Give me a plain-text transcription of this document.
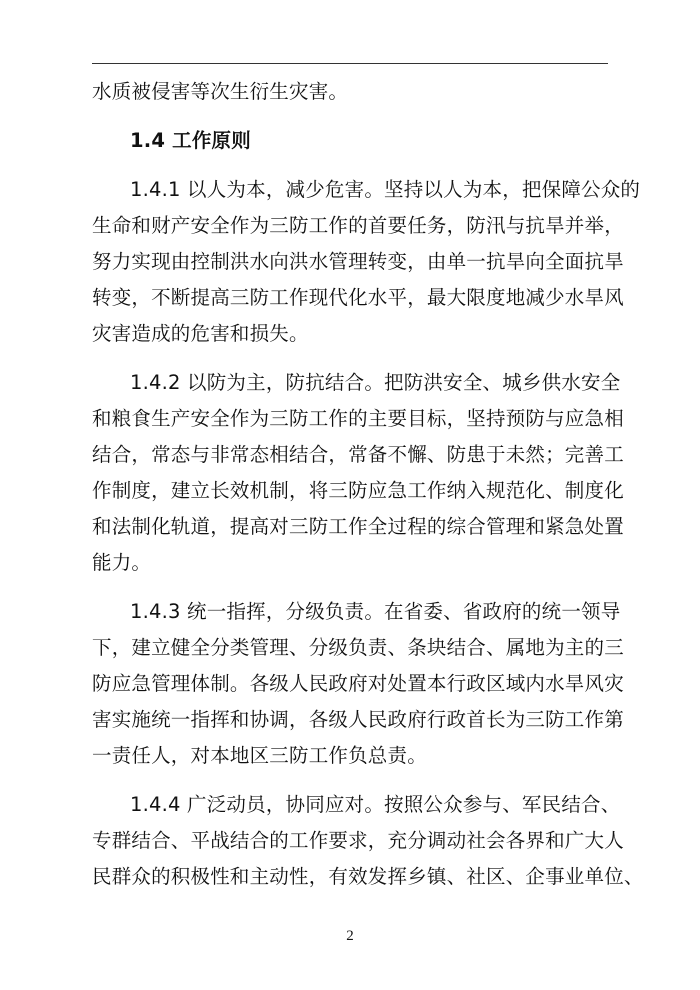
水质被侵害等次生衍生灾害。
1.4 工作原则
1.4.1 以人为本，减少危害。坚持以人为本，把保障公众的
生命和财产安全作为三防工作的首要任务，防汛与抗旱并举，
努力实现由控制洪水向洪水管理转变，由单一抗旱向全面抗旱
转变，不断提高三防工作现代化水平，最大限度地减少水旱风
灾害造成的危害和损失。
1.4.2 以防为主，防抗结合。把防洪安全、城乡供水安全
和粮食生产安全作为三防工作的主要目标，坚持预防与应急相
结合，常态与非常态相结合，常备不懈、防患于未然；完善工
作制度，建立长效机制，将三防应急工作纳入规范化、制度化
和法制化轨道，提高对三防工作全过程的综合管理和紧急处置
能力。
1.4.3 统一指挥，分级负责。在省委、省政府的统一领导
下，建立健全分类管理、分级负责、条块结合、属地为主的三
防应急管理体制。各级人民政府对处置本行政区域内水旱风灾
害实施统一指挥和协调，各级人民政府行政首长为三防工作第
一责任人，对本地区三防工作负总责。
1.4.4 广泛动员，协同应对。按照公众参与、军民结合、
专群结合、平战结合的工作要求，充分调动社会各界和广大人
民群众的积极性和主动性，有效发挥乡镇、社区、企事业单位、
2
